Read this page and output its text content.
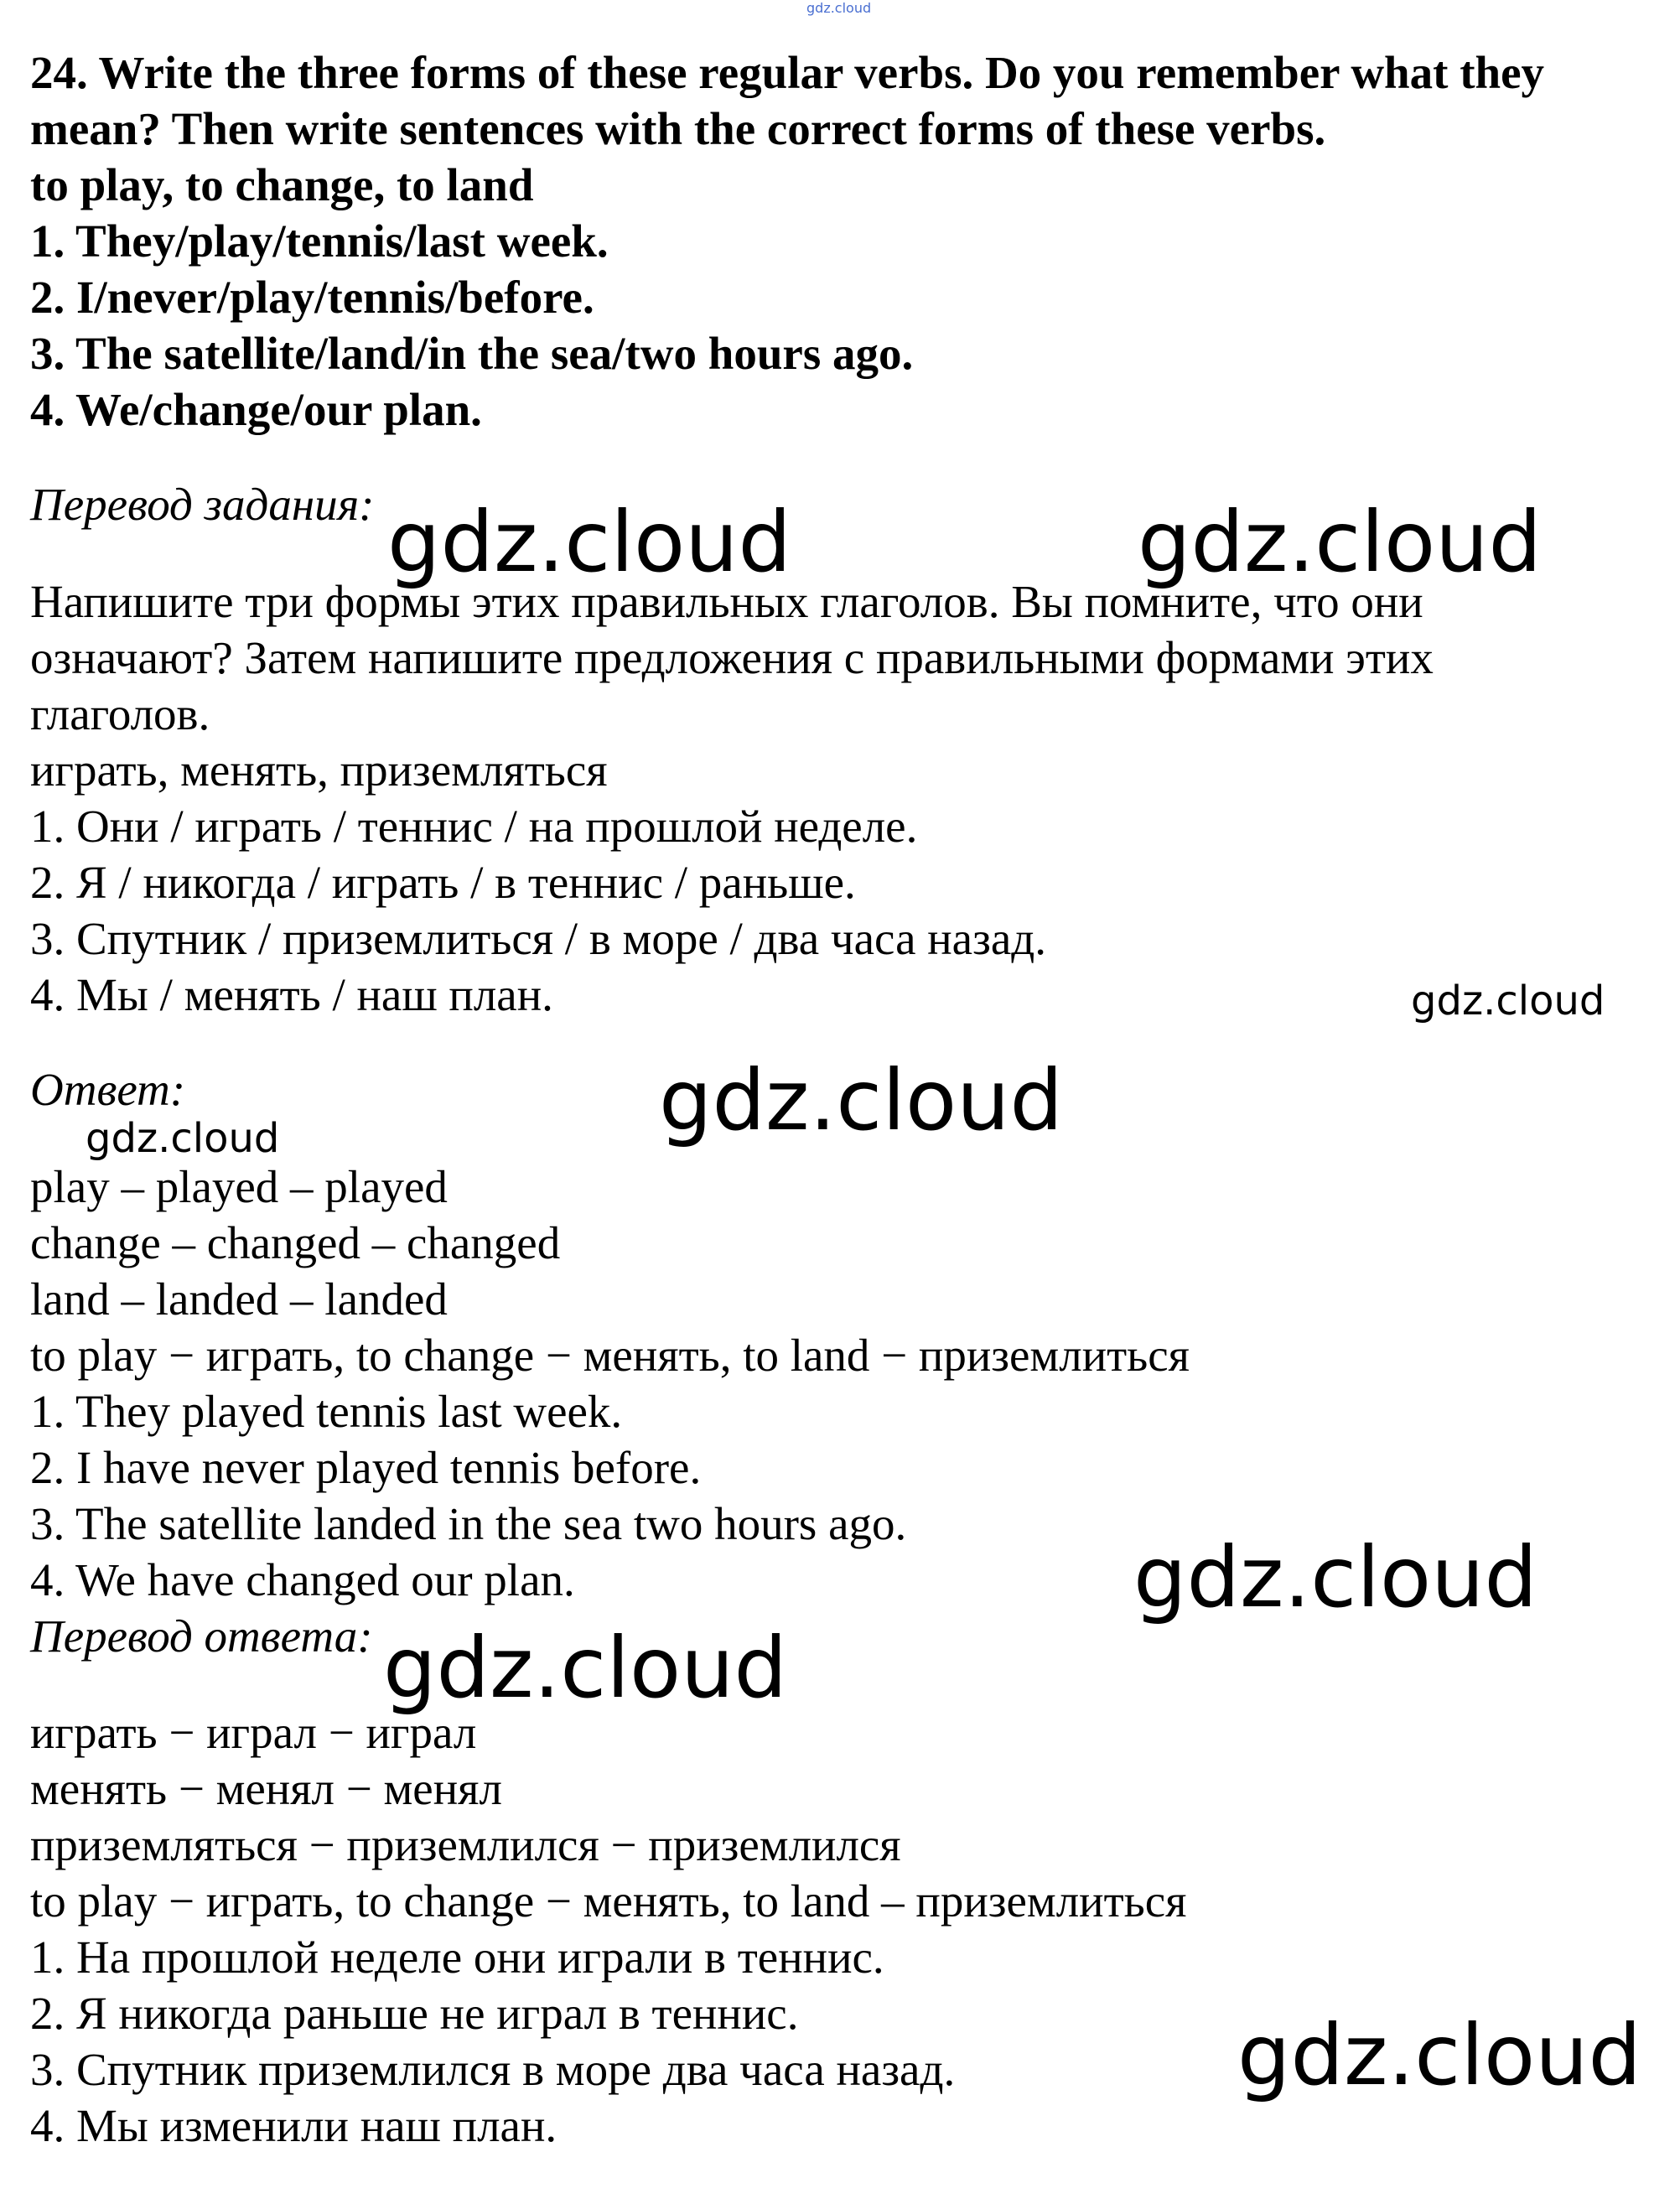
gdz.cloud
24. Write the three forms of these regular verbs. Do you remember what they
mean? Then write sentences with the correct forms of these verbs.
to play, to change, to land
1. They/play/tennis/last week.
2. I/never/play/tennis/before.
3. The satellite/land/in the sea/two hours ago.
4. We/change/our plan.
Перевод задания:
Напишите три формы этих правильных глаголов. Вы помните, что они
означают? Затем напишите предложения с правильными формами этих
глаголов.
играть, менять, приземляться
1. Они / играть / теннис / на прошлой неделе.
2. Я / никогда / играть / в теннис / раньше.
3. Спутник / приземлиться / в море / два часа назад.
4. Мы / менять / наш план.
Ответ:
play – played – played
change – changed – changed
land – landed – landed
to play − играть, to change − менять, to land − приземлиться
1. They played tennis last week.
2. I have never played tennis before.
3. The satellite landed in the sea two hours ago.
4. We have changed our plan.
Перевод ответа:
играть − играл − играл
менять − менял − менял
приземляться − приземлился − приземлился
to play − играть, to change − менять, to land – приземлиться
1. На прошлой неделе они играли в теннис.
2. Я никогда раньше не играл в теннис.
3. Спутник приземлился в море два часа назад.
4. Мы изменили наш план.
gdz.cloud	gdz.cloud
gdz.cloud
gdz.cloud
gdz.cloud
gdz.cloud
gdz.cloud
gdz.cloud
